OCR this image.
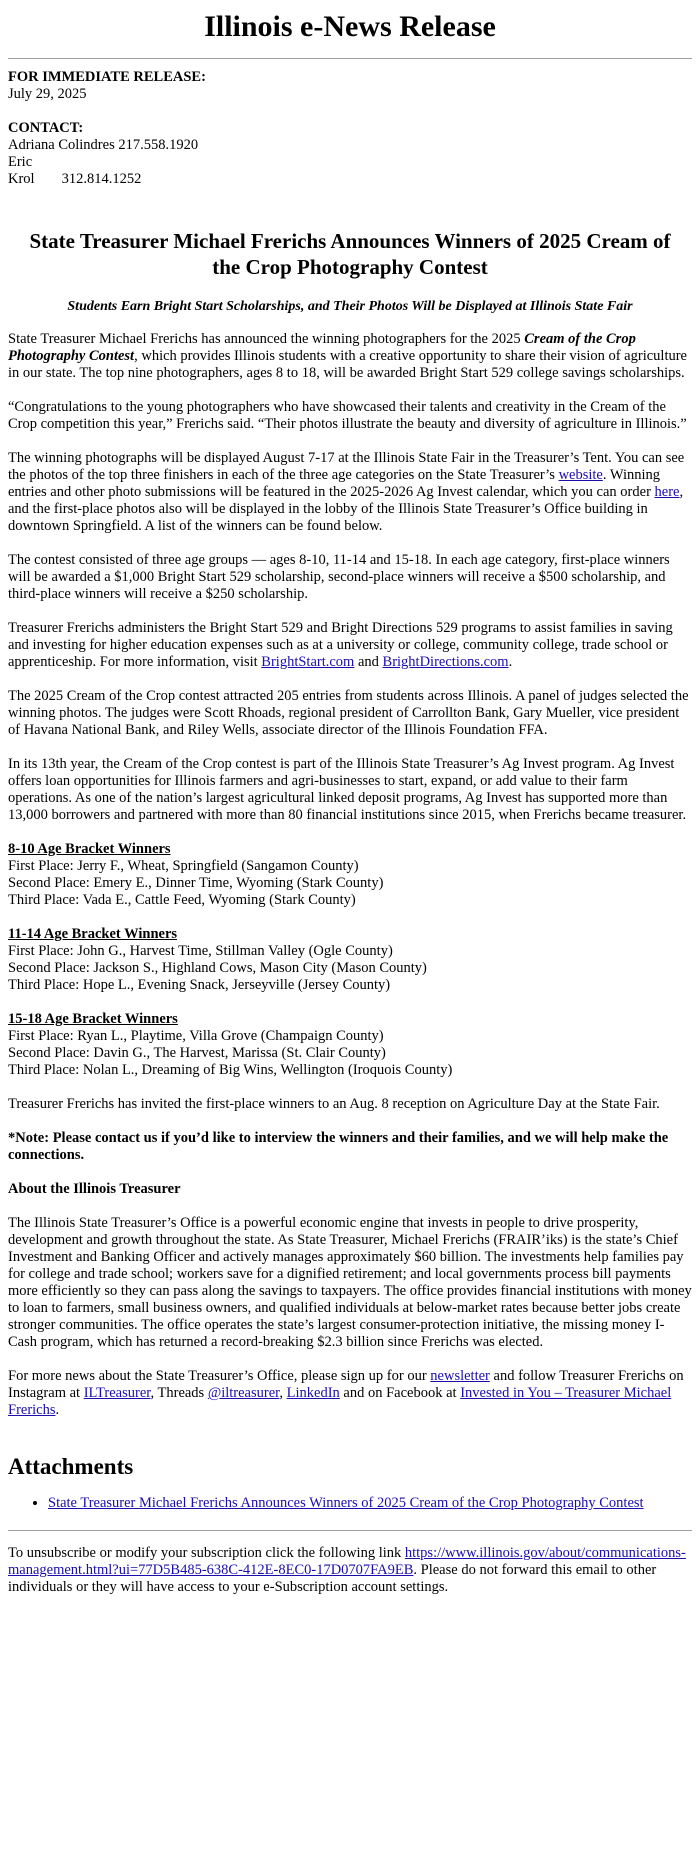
Illinois e-News Release
FOR IMMEDIATE RELEASE:
July 29, 2025
CONTACT:
Adriana Colindres 217.558.1920
Eric Krol 312.814.1252
State Treasurer Michael Frerichs Announces Winners of 2025 Cream of the Crop Photography Contest
Students Earn Bright Start Scholarships, and Their Photos Will be Displayed at Illinois State Fair

State Treasurer Michael Frerichs has announced the winning photographers for the 2025 Cream of the Crop Photography Contest, which provides Illinois students with a creative opportunity to share their vision of agriculture in our state. The top nine photographers, ages 8 to 18, will be awarded Bright Start 529 college savings scholarships.

“Congratulations to the young photographers who have showcased their talents and creativity in the Cream of the Crop competition this year,” Frerichs said. “Their photos illustrate the beauty and diversity of agriculture in Illinois.”

The winning photographs will be displayed August 7-17 at the Illinois State Fair in the Treasurer’s Tent. You can see the photos of the top three finishers in each of the three age categories on the State Treasurer’s website. Winning entries and other photo submissions will be featured in the 2025-2026 Ag Invest calendar, which you can order here, and the first-place photos also will be displayed in the lobby of the Illinois State Treasurer’s Office building in downtown Springfield. A list of the winners can be found below.

The contest consisted of three age groups — ages 8-10, 11-14 and 15-18. In each age category, first-place winners will be awarded a $1,000 Bright Start 529 scholarship, second-place winners will receive a $500 scholarship, and third-place winners will receive a $250 scholarship.

Treasurer Frerichs administers the Bright Start 529 and Bright Directions 529 programs to assist families in saving and investing for higher education expenses such as at a university or college, community college, trade school or apprenticeship. For more information, visit BrightStart.com and BrightDirections.com.

The 2025 Cream of the Crop contest attracted 205 entries from students across Illinois. A panel of judges selected the winning photos. The judges were Scott Rhoads, regional president of Carrollton Bank, Gary Mueller, vice president of Havana National Bank, and Riley Wells, associate director of the Illinois Foundation FFA.

In its 13th year, the Cream of the Crop contest is part of the Illinois State Treasurer’s Ag Invest program. Ag Invest offers loan opportunities for Illinois farmers and agri-businesses to start, expand, or add value to their farm operations. As one of the nation’s largest agricultural linked deposit programs, Ag Invest has supported more than 13,000 borrowers and partnered with more than 80 financial institutions since 2015, when Frerichs became treasurer.

8-10 Age Bracket Winners
First Place: Jerry F., Wheat, Springfield (Sangamon County)
Second Place: Emery E., Dinner Time, Wyoming (Stark County)
Third Place: Vada E., Cattle Feed, Wyoming (Stark County)
11-14 Age Bracket Winners
First Place: John G., Harvest Time, Stillman Valley (Ogle County)
Second Place: Jackson S., Highland Cows, Mason City (Mason County)
Third Place: Hope L., Evening Snack, Jerseyville (Jersey County)
15-18 Age Bracket Winners
First Place: Ryan L., Playtime, Villa Grove (Champaign County)
Second Place: Davin G., The Harvest, Marissa (St. Clair County)
Third Place: Nolan L., Dreaming of Big Wins, Wellington (Iroquois County)

Treasurer Frerichs has invited the first-place winners to an Aug. 8 reception on Agriculture Day at the State Fair.

*Note: Please contact us if you’d like to interview the winners and their families, and we will help make the connections.

About the Illinois Treasurer

The Illinois State Treasurer’s Office is a powerful economic engine that invests in people to drive prosperity, development and growth throughout the state. As State Treasurer, Michael Frerichs (FRAIR’iks) is the state’s Chief Investment and Banking Officer and actively manages approximately $60 billion. The investments help families pay for college and trade school; workers save for a dignified retirement; and local governments process bill payments more efficiently so they can pass along the savings to taxpayers. The office provides financial institutions with money to loan to farmers, small business owners, and qualified individuals at below-market rates because better jobs create stronger communities. The office operates the state’s largest consumer-protection initiative, the missing money I-Cash program, which has returned a record-breaking $2.3 billion since Frerichs was elected.

For more news about the State Treasurer’s Office, please sign up for our newsletter and follow Treasurer Frerichs on Instagram at ILTreasurer, Threads @iltreasurer, LinkedIn and on Facebook at Invested in You – Treasurer Michael Frerichs.

Attachments
• State Treasurer Michael Frerichs Announces Winners of 2025 Cream of the Crop Photography Contest
To unsubscribe or modify your subscription click the following link https://www.illinois.gov/about/communications-management.html?ui=77D5B485-638C-412E-8EC0-17D0707FA9EB. Please do not forward this email to other individuals or they will have access to your e-Subscription account settings.
